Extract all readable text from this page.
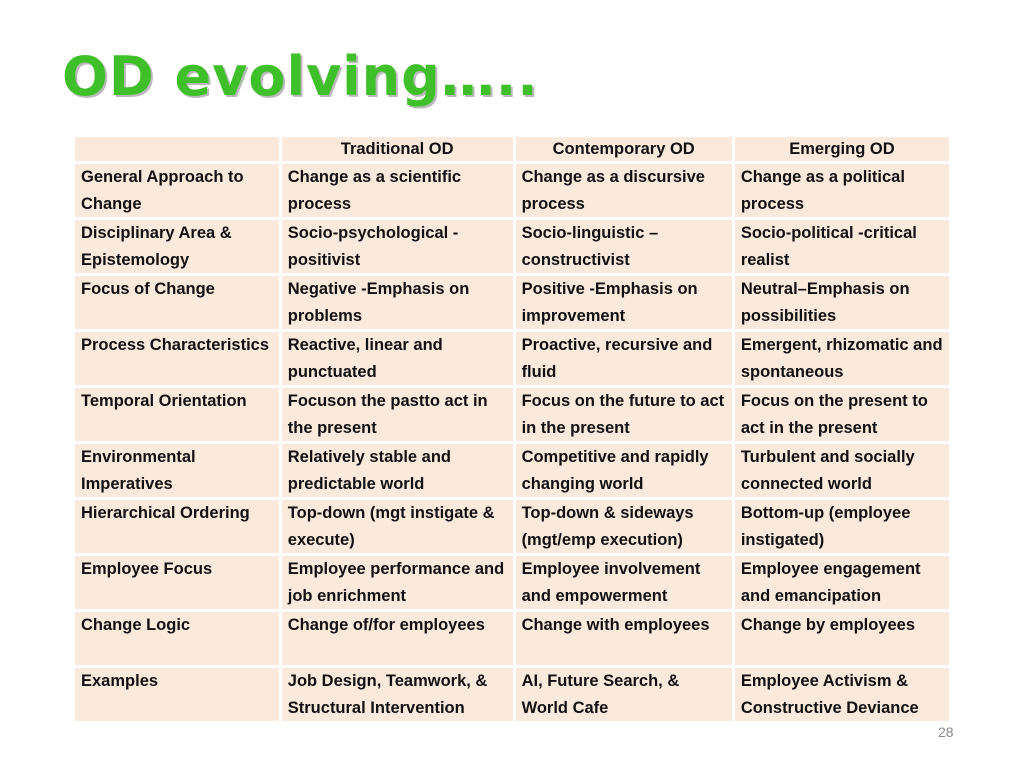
OD evolving…..
	Traditional OD	Contemporary OD	Emerging OD
General Approach to Change	Change as a scientific process	Change as a discursive process	Change as a political process
Disciplinary Area & Epistemology	Socio-psychological - positivist	Socio-linguistic – constructivist	Socio-political -critical realist
Focus of Change	Negative -Emphasis on problems	Positive -Emphasis on improvement	Neutral–Emphasis on possibilities
Process Characteristics	Reactive, linear and punctuated	Proactive, recursive and fluid	Emergent, rhizomatic and spontaneous
Temporal Orientation	Focuson the pastto act in the present	Focus on the future to act in the present	Focus on the present to act in the present
Environmental Imperatives	Relatively stable and predictable world	Competitive and rapidly changing world	Turbulent and socially connected world
Hierarchical Ordering	Top-down (mgt instigate & execute)	Top-down & sideways (mgt/emp execution)	Bottom-up (employee instigated)
Employee Focus	Employee performance and job enrichment	Employee involvement and empowerment	Employee engagement and emancipation
Change Logic	Change of/for employees	Change with employees	Change by employees
Examples	Job Design, Teamwork, & Structural Intervention	AI, Future Search, & World Cafe	Employee Activism & Constructive Deviance
28
